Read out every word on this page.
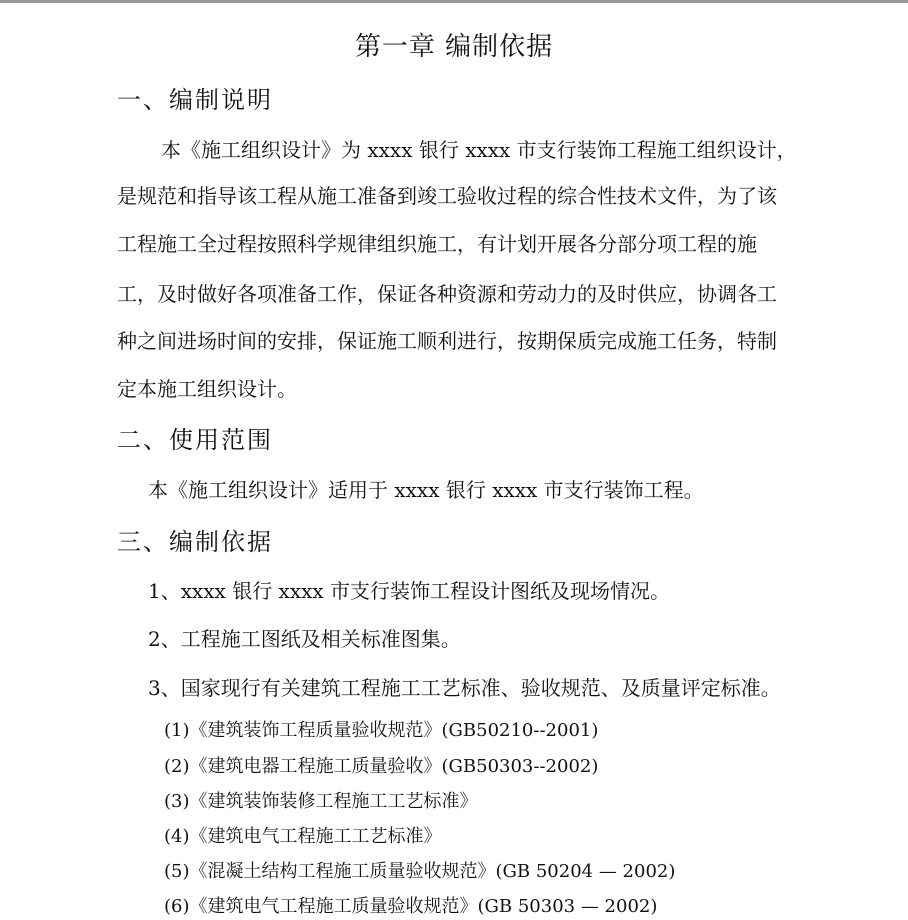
第一章 编制依据
一、编制说明
本《施工组织设计》为 xxxx 银行 xxxx 市支行装饰工程施工组织设计，
是规范和指导该工程从施工准备到竣工验收过程的综合性技术文件，为了该
工程施工全过程按照科学规律组织施工，有计划开展各分部分项工程的施
工，及时做好各项准备工作，保证各种资源和劳动力的及时供应，协调各工
种之间进场时间的安排，保证施工顺利进行，按期保质完成施工任务，特制
定本施工组织设计。
二、使用范围
本《施工组织设计》适用于 xxxx 银行 xxxx 市支行装饰工程。
三、编制依据
1、xxxx 银行 xxxx 市支行装饰工程设计图纸及现场情况。
2、工程施工图纸及相关标准图集。
3、国家现行有关建筑工程施工工艺标准、验收规范、及质量评定标准。
(1)《建筑装饰工程质量验收规范》(GB50210--2001)
(2)《建筑电器工程施工质量验收》(GB50303--2002)
(3)《建筑装饰装修工程施工工艺标准》
(4)《建筑电气工程施工工艺标准》
(5)《混凝土结构工程施工质量验收规范》(GB 50204 — 2002)
(6)《建筑电气工程施工质量验收规范》(GB 50303 — 2002)
